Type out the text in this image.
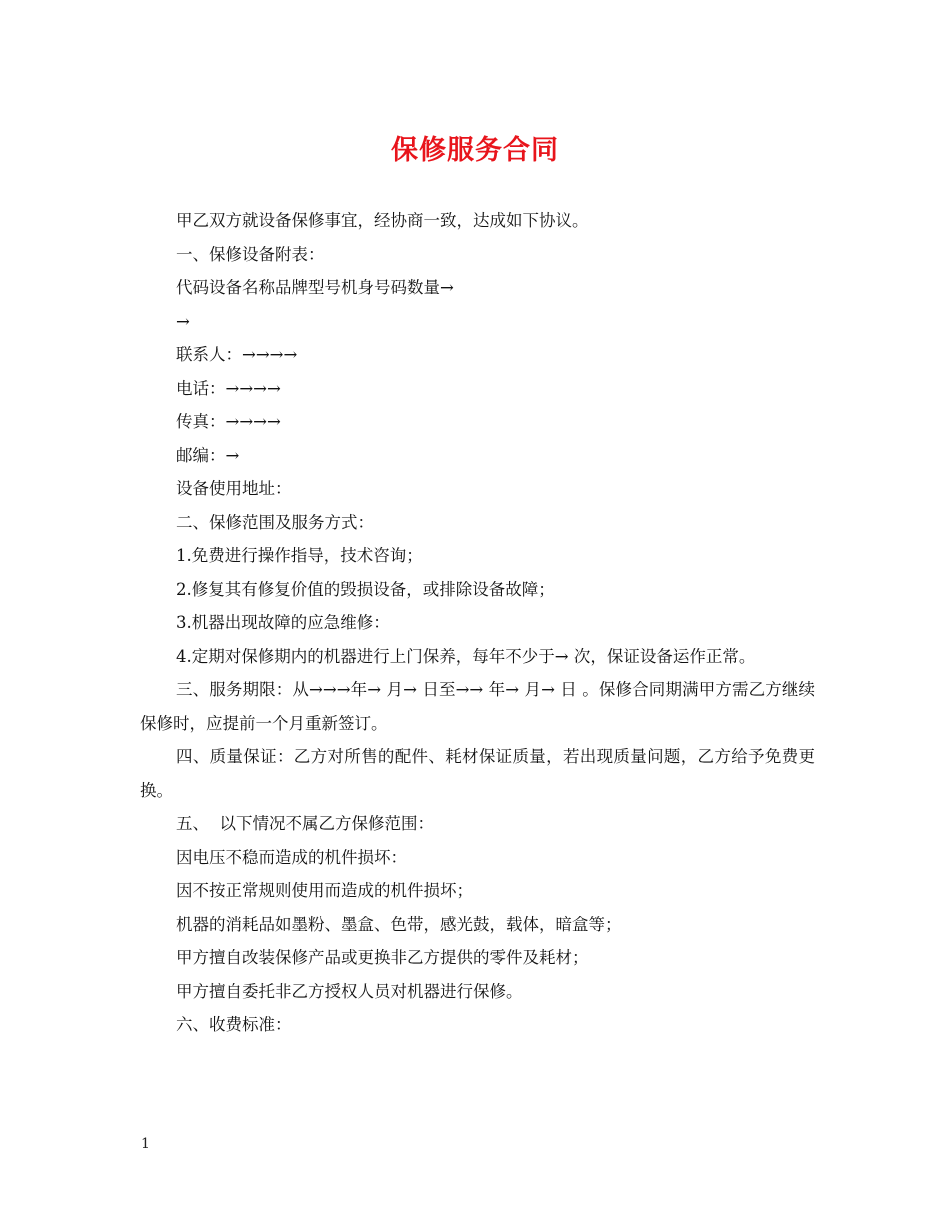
保修服务合同

甲乙双方就设备保修事宜，经协商一致，达成如下协议。

一、保修设备附表：

代码设备名称品牌型号机身号码数量→

→

联系人：→→→→

电话：→→→→

传真：→→→→

邮编：→

设备使用地址：

二、保修范围及服务方式：

1.免费进行操作指导，技术咨询；

2.修复其有修复价值的毁损设备，或排除设备故障；

3.机器出现故障的应急维修：

4.定期对保修期内的机器进行上门保养，每年不少于→ 次，保证设备运作正常。

三、服务期限：从→→→年→ 月→ 日至→→ 年→ 月→ 日 。保修合同期满甲方需乙方继续保修时，应提前一个月重新签订。

四、质量保证：乙方对所售的配件、耗材保证质量，若出现质量问题，乙方给予免费更换。

五、  以下情况不属乙方保修范围：

因电压不稳而造成的机件损坏：

因不按正常规则使用而造成的机件损坏；

机器的消耗品如墨粉、墨盒、色带，感光鼓，载体，暗盒等；

甲方擅自改装保修产品或更换非乙方提供的零件及耗材；

甲方擅自委托非乙方授权人员对机器进行保修。

六、收费标准：

1
